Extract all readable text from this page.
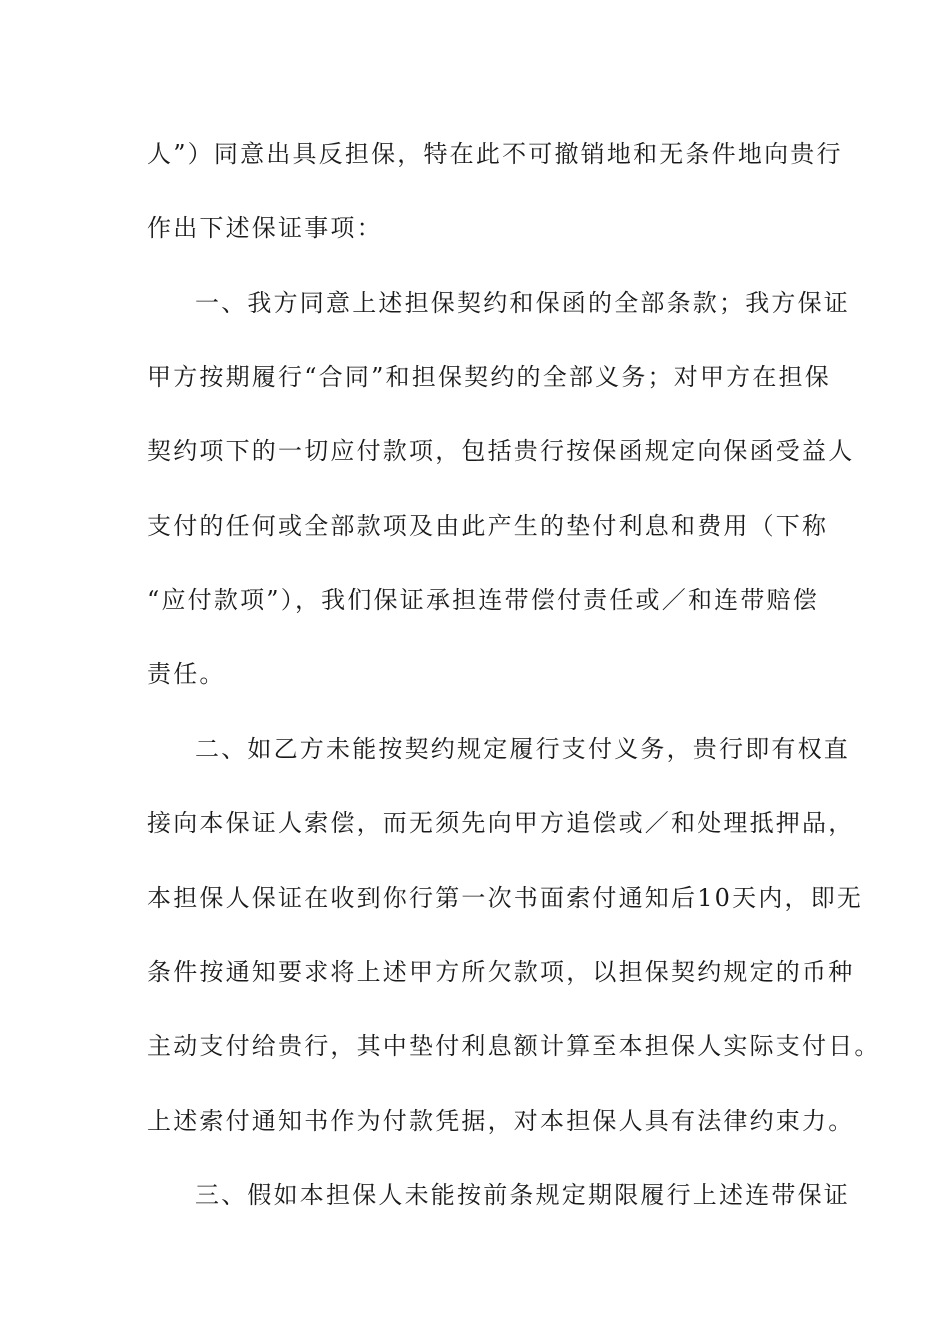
人”）同意出具反担保，特在此不可撤销地和无条件地向贵行
作出下述保证事项：
一、我方同意上述担保契约和保函的全部条款；我方保证
甲方按期履行“合同”和担保契约的全部义务；对甲方在担保
契约项下的一切应付款项，包括贵行按保函规定向保函受益人
支付的任何或全部款项及由此产生的垫付利息和费用（下称
“应付款项”），我们保证承担连带偿付责任或／和连带赔偿
责任。
二、如乙方未能按契约规定履行支付义务，贵行即有权直
接向本保证人索偿，而无须先向甲方追偿或／和处理抵押品，
本担保人保证在收到你行第一次书面索付通知后10天内，即无
条件按通知要求将上述甲方所欠款项，以担保契约规定的币种
主动支付给贵行，其中垫付利息额计算至本担保人实际支付日。
上述索付通知书作为付款凭据，对本担保人具有法律约束力。
三、假如本担保人未能按前条规定期限履行上述连带保证
